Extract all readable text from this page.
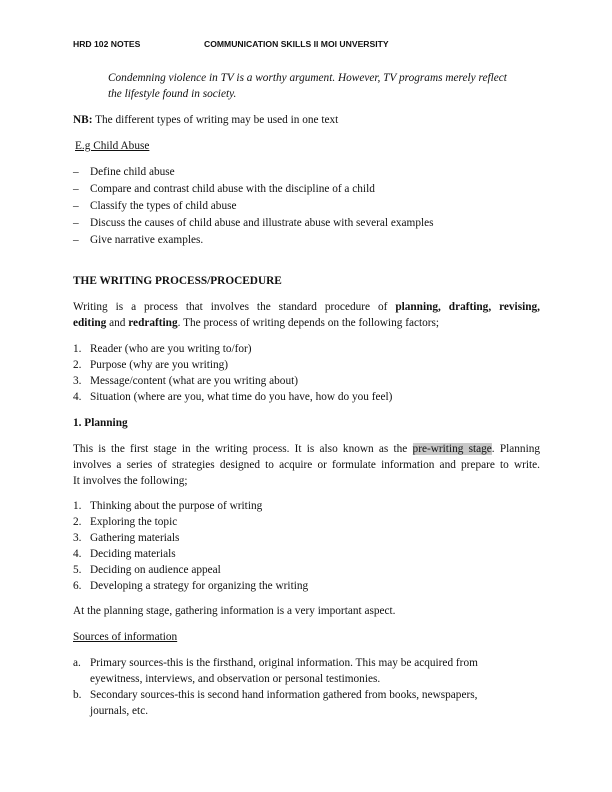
HRD 102 NOTES	COMMUNICATION SKILLS II MOI UNVERSITY
Condemning violence in TV is a worthy argument. However, TV programs merely reflect
the lifestyle found in society.
NB: The different types of writing may be used in one text
E.g Child Abuse
– Define child abuse
– Compare and contrast child abuse with the discipline of a child
– Classify the types of child abuse
– Discuss the causes of child abuse and illustrate abuse with several examples
– Give narrative examples.
THE WRITING PROCESS/PROCEDURE
Writing is a process that involves the standard procedure of planning, drafting, revising,
editing and redrafting. The process of writing depends on the following factors;
1. Reader (who are you writing to/for)
2. Purpose (why are you writing)
3. Message/content (what are you writing about)
4. Situation (where are you, what time do you have, how do you feel)
1. Planning
This is the first stage in the writing process. It is also known as the pre-writing stage. Planning
involves a series of strategies designed to acquire or formulate information and prepare to write.
It involves the following;
1. Thinking about the purpose of writing
2. Exploring the topic
3. Gathering materials
4. Deciding materials
5. Deciding on audience appeal
6. Developing a strategy for organizing the writing
At the planning stage, gathering information is a very important aspect.
Sources of information
a. Primary sources-this is the firsthand, original information. This may be acquired from
eyewitness, interviews, and observation or personal testimonies.
b. Secondary sources-this is second hand information gathered from books, newspapers,
journals, etc.
